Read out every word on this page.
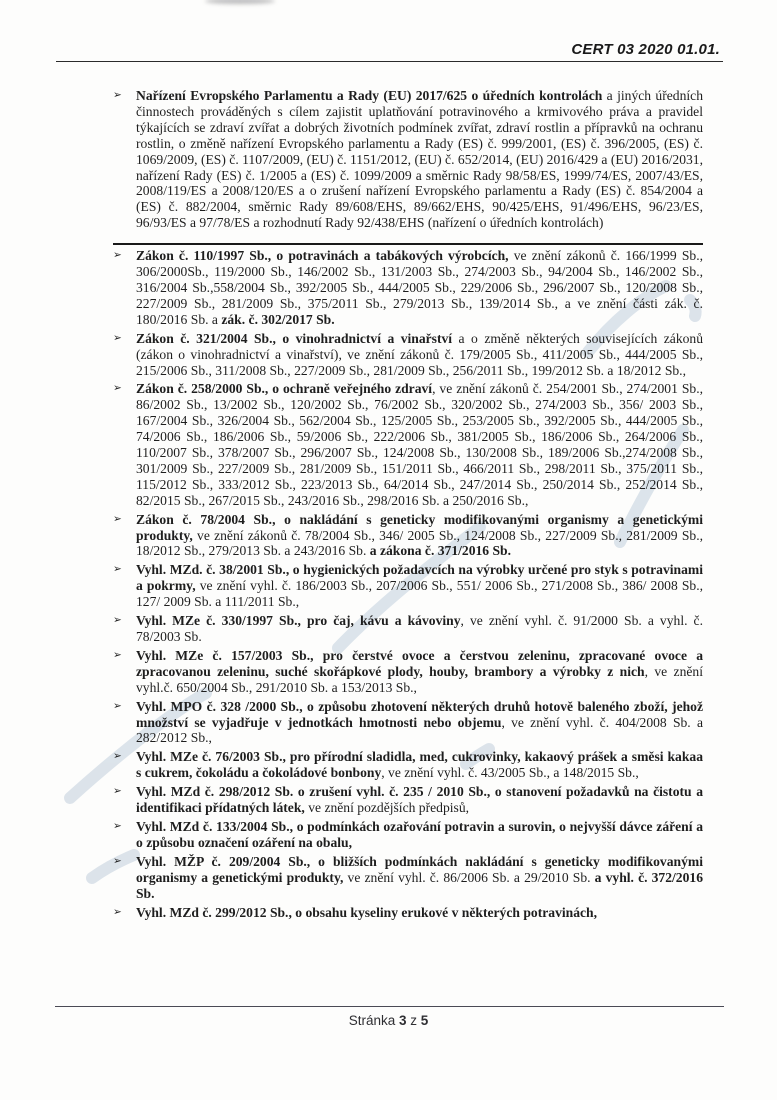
CERT 03 2020 01.01.
➢	Nařízení Evropského Parlamentu a Rady (EU) 2017/625 o úředních kontrolách a jiných úředních činnostech prováděných s cílem zajistit uplatňování potravinového a krmivového práva a pravidel týkajících se zdraví zvířat a dobrých životních podmínek zvířat, zdraví rostlin a přípravků na ochranu rostlin, o změně nařízení Evropského parlamentu a Rady (ES) č. 999/2001, (ES) č. 396/2005, (ES) č. 1069/2009, (ES) č. 1107/2009, (EU) č. 1151/2012, (EU) č. 652/2014, (EU) 2016/429 a (EU) 2016/2031, nařízení Rady (ES) č. 1/2005 a (ES) č. 1099/2009 a směrnic Rady 98/58/ES, 1999/74/ES, 2007/43/ES, 2008/119/ES a 2008/120/ES a o zrušení nařízení Evropského parlamentu a Rady (ES) č. 854/2004 a (ES) č. 882/2004, směrnic Rady 89/608/EHS, 89/662/EHS, 90/425/EHS, 91/496/EHS, 96/23/ES, 96/93/ES a 97/78/ES a rozhodnutí Rady 92/438/EHS (nařízení o úředních kontrolách)
➢	Zákon č. 110/1997 Sb., o potravinách a tabákových výrobcích, ve znění zákonů č. 166/1999 Sb., 306/2000Sb., 119/2000 Sb., 146/2002 Sb., 131/2003 Sb., 274/2003 Sb., 94/2004 Sb., 146/2002 Sb., 316/2004 Sb.,558/2004 Sb., 392/2005 Sb., 444/2005 Sb., 229/2006 Sb., 296/2007 Sb., 120/2008 Sb., 227/2009 Sb., 281/2009 Sb., 375/2011 Sb., 279/2013 Sb., 139/2014 Sb., a ve znění části zák. č. 180/2016 Sb. a zák. č. 302/2017 Sb.
➢	Zákon č. 321/2004 Sb., o vinohradnictví a vinařství a o změně některých souvisejících zákonů (zákon o vinohradnictví a vinařství), ve znění zákonů č. 179/2005 Sb., 411/2005 Sb., 444/2005 Sb., 215/2006 Sb., 311/2008 Sb., 227/2009 Sb., 281/2009 Sb., 256/2011 Sb., 199/2012 Sb. a 18/2012 Sb.,
➢	Zákon č. 258/2000 Sb., o ochraně veřejného zdraví, ve znění zákonů č. 254/2001 Sb., 274/2001 Sb., 86/2002 Sb., 13/2002 Sb., 120/2002 Sb., 76/2002 Sb., 320/2002 Sb., 274/2003 Sb., 356/ 2003 Sb., 167/2004 Sb., 326/2004 Sb., 562/2004 Sb., 125/2005 Sb., 253/2005 Sb., 392/2005 Sb., 444/2005 Sb., 74/2006 Sb., 186/2006 Sb., 59/2006 Sb., 222/2006 Sb., 381/2005 Sb., 186/2006 Sb., 264/2006 Sb., 110/2007 Sb., 378/2007 Sb., 296/2007 Sb., 124/2008 Sb., 130/2008 Sb., 189/2006 Sb.,274/2008 Sb., 301/2009 Sb., 227/2009 Sb., 281/2009 Sb., 151/2011 Sb., 466/2011 Sb., 298/2011 Sb., 375/2011 Sb., 115/2012 Sb., 333/2012 Sb., 223/2013 Sb., 64/2014 Sb., 247/2014 Sb., 250/2014 Sb., 252/2014 Sb., 82/2015 Sb., 267/2015 Sb., 243/2016 Sb., 298/2016 Sb. a 250/2016 Sb.,
➢	Zákon č. 78/2004 Sb., o nakládání s geneticky modifikovanými organismy a genetickými produkty, ve znění zákonů č. 78/2004 Sb., 346/ 2005 Sb., 124/2008 Sb., 227/2009 Sb., 281/2009 Sb., 18/2012 Sb., 279/2013 Sb. a 243/2016 Sb. a zákona č. 371/2016 Sb.
➢	Vyhl. MZd. č. 38/2001 Sb., o hygienických požadavcích na výrobky určené pro styk s potravinami a pokrmy, ve znění vyhl. č. 186/2003 Sb., 207/2006 Sb., 551/ 2006 Sb., 271/2008 Sb., 386/ 2008 Sb., 127/ 2009 Sb. a 111/2011 Sb.,
➢	Vyhl. MZe č. 330/1997 Sb., pro čaj, kávu a kávoviny, ve znění vyhl. č. 91/2000 Sb. a vyhl. č. 78/2003 Sb.
➢	Vyhl. MZe č. 157/2003 Sb., pro čerstvé ovoce a čerstvou zeleninu, zpracované ovoce a zpracovanou zeleninu, suché skořápkové plody, houby, brambory a výrobky z nich, ve znění vyhl.č. 650/2004 Sb., 291/2010 Sb. a 153/2013 Sb.,
➢	Vyhl. MPO č. 328 /2000 Sb., o způsobu zhotovení některých druhů hotově baleného zboží, jehož množství se vyjadřuje v jednotkách hmotnosti nebo objemu, ve znění vyhl. č. 404/2008 Sb. a 282/2012 Sb.,
➢	Vyhl. MZe č. 76/2003 Sb., pro přírodní sladidla, med, cukrovinky, kakaový prášek a směsi kakaa s cukrem, čokoládu a čokoládové bonbony, ve znění vyhl. č. 43/2005 Sb., a 148/2015 Sb.,
➢	Vyhl. MZd č. 298/2012 Sb. o zrušení vyhl. č. 235 / 2010 Sb., o stanovení požadavků na čistotu a identifikaci přídatných látek, ve znění pozdějších předpisů,
➢	Vyhl. MZd č. 133/2004 Sb., o podmínkách ozařování potravin a surovin, o nejvyšší dávce záření a o způsobu označení ozáření na obalu,
➢	Vyhl. MŽP č. 209/2004 Sb., o bližších podmínkách nakládání s geneticky modifikovanými organismy a genetickými produkty, ve znění vyhl. č. 86/2006 Sb. a 29/2010 Sb. a vyhl. č. 372/2016 Sb.
➢	Vyhl. MZd č. 299/2012 Sb., o obsahu kyseliny erukové v některých potravinách,
Stránka 3 z 5
